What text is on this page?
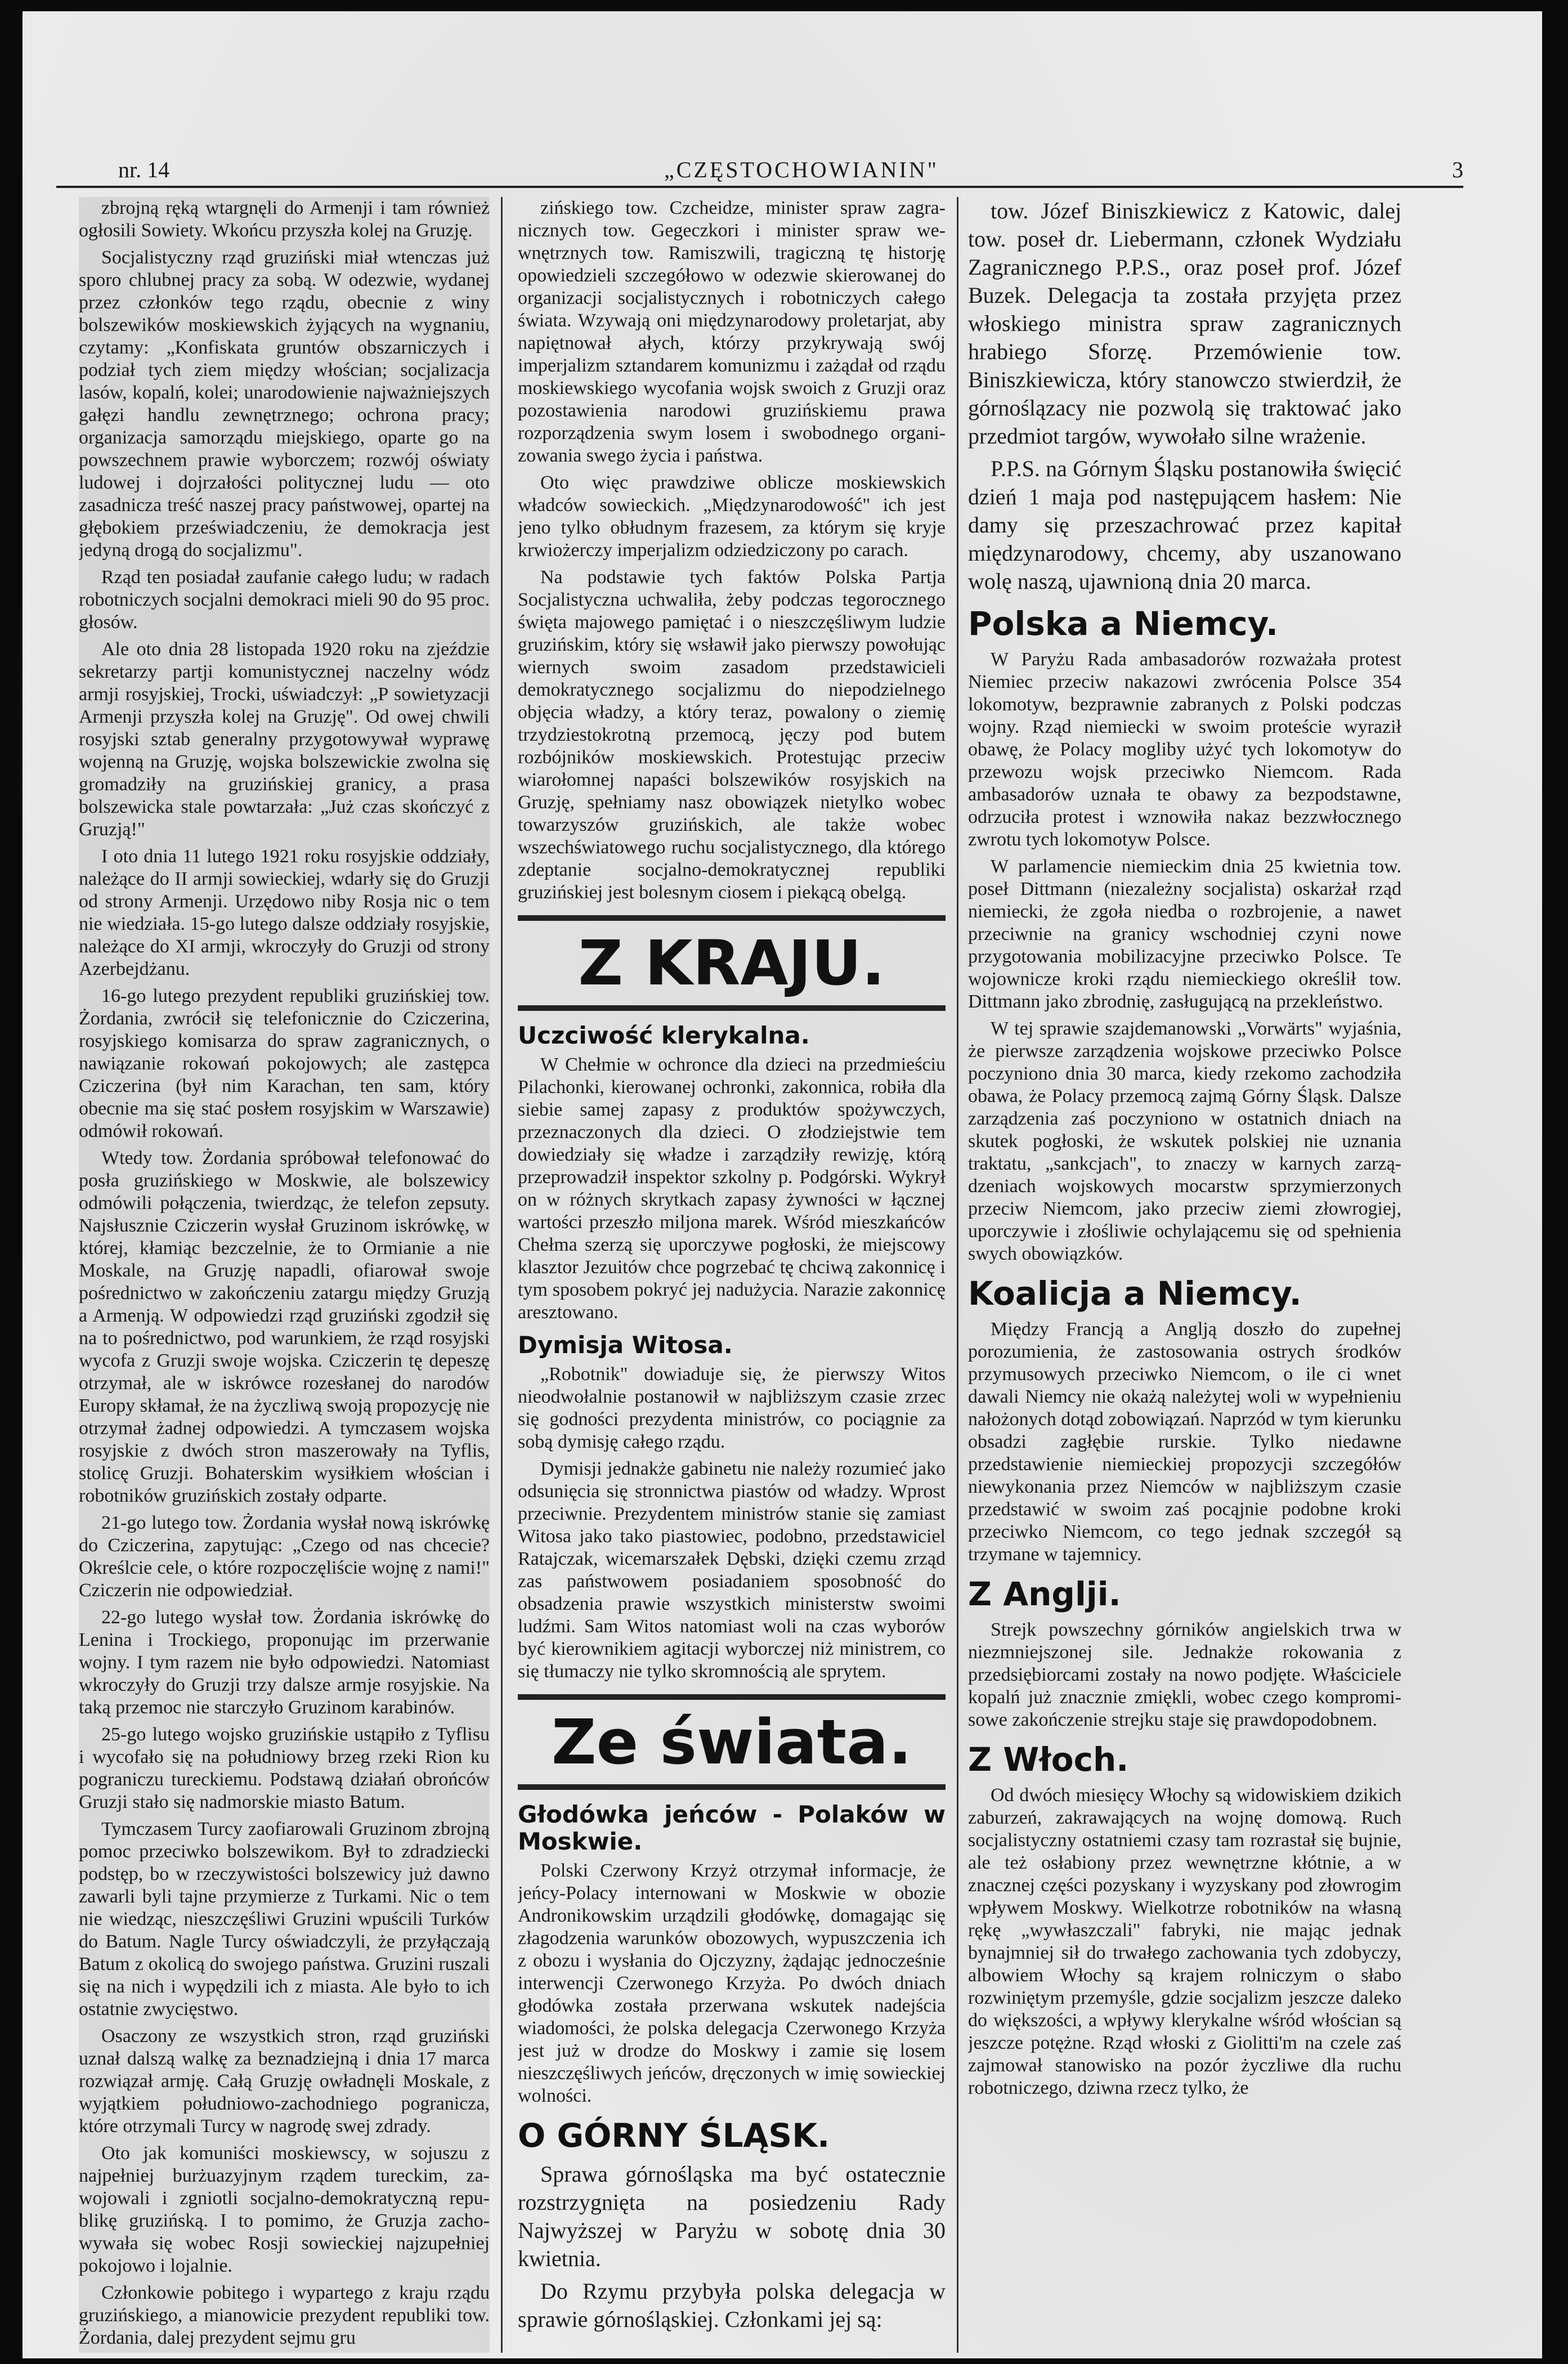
nr. 14	„CZĘSTOCHOWIANIN"	3

zbrojną ręką wtargnęli do Armenji i tam również ogłosili Sowiety. Wkońcu przyszła kolej na Gruzję.

Socjalistyczny rząd gruziński miał wtenczas już sporo chlubnej pracy za sobą. W odezwie, wydanej przez członków tego rządu, obecnie z winy bolszewików moskiewskich żyjących na wygnaniu, czytamy: „Konfiskata gruntów obszarniczych i podział tych ziem między włościan; socjalizacja lasów, kopalń, kolei; unarodowienie najważniejszych gałęzi handlu zewnętrznego; ochrona pracy; organizacja samorządu miejskiego, oparte go na powszechnem prawie wyborczem; rozwój oświaty ludowej i dojrzałości politycznej ludu — oto zasadnicza treść naszej pracy państwowej, opartej na głębokiem przeświadczeniu, że demokracja jest jedyną drogą do socjalizmu".

Rząd ten posiadał zaufanie całego ludu; w radach robotniczych socjalni demokraci mieli 90 do 95 proc. głosów.

Ale oto dnia 28 listopada 1920 roku na zjeździe sekretarzy partji komunistycznej naczelny wódz armji rosyjskiej, Trocki, uświadczył: „P sowietyzacji Armenji przyszła kolej na Gruzję". Od owej chwili rosyjski sztab generalny przygotowywał wyprawę wojenną na Gruzję, wojska bolszewickie zwolna się gromadziły na gruzińskiej granicy, a prasa bolszewicka stale powtarzała: „Już czas skończyć z Gruzją!"

I oto dnia 11 lutego 1921 roku rosyjskie oddziały, należące do II armji sowieckiej, wdarły się do Gruzji od strony Armenji. Urzędowo niby Rosja nic o tem nie wiedziała. 15-go lutego dalsze oddziały rosyjskie, należące do XI armji, wkroczyły do Gruzji od strony Azerbejdżanu.

16-go lutego prezydent republiki gruzińskiej tow. Żordania, zwrócił się telefonicznie do Cziczerina, rosyjskiego komisarza do spraw zagranicznych, o nawiązanie rokowań pokojowych; ale zastępca Cziczerina (był nim Karachan, ten sam, który obecnie ma się stać posłem rosyjskim w Warszawie) odmówił rokowań.

Wtedy tow. Żordania spróbował telefonować do posła gruzińskiego w Moskwie, ale bolszewicy odmówili połączenia, twierdząc, że telefon zepsuty. Najsłusznie Cziczerin wysłał Gruzinom iskrówkę, w której, kłamiąc bezczelnie, że to Ormianie a nie Moskale, na Gruzję napadli, ofiarował swoje pośrednictwo w zakończeniu zatargu między Gruzją a Armenją. W odpowiedzi rząd gruziński zgodził się na to pośrednictwo, pod warunkiem, że rząd rosyjski wycofa z Gruzji swoje wojska. Cziczerin tę depeszę otrzymał, ale w iskrówce rozesłanej do narodów Europy skłamał, że na życzliwą swoją propozycję nie otrzymał żadnej odpowiedzi. A tymczasem wojska rosyjskie z dwóch stron maszerowały na Tyflis, stolicę Gruzji. Bohaterskim wysiłkiem włościan i robotników gruzińskich zostały odparte.

21-go lutego tow. Żordania wysłał nową iskrówkę do Cziczerina, zapytując: „Czego od nas chcecie? Określcie cele, o które rozpoczęliście wojnę z nami!" Cziczerin nie odpowiedział.

22-go lutego wysłał tow. Żordania iskrówkę do Lenina i Trockiego, proponując im przerwanie wojny. I tym razem nie było odpowiedzi. Natomiast wkroczyły do Gruzji trzy dalsze armje rosyjskie. Na taką przemoc nie starczyło Gruzinom karabinów.

25-go lutego wojsko gruzińskie ustąpiło z Tyflisu i wycofało się na południowy brzeg rzeki Rion ku pograniczu tureckiemu. Podstawą działań obrońców Gruzji stało się nadmorskie miasto Batum.

Tymczasem Turcy zaofiarowali Gruzinom zbrojną pomoc przeciwko bolszewikom. Był to zdradziecki podstęp, bo w rzeczywistości bolszewicy już dawno zawarli byli tajne przymierze z Turkami. Nic o tem nie wiedząc, nieszczęśliwi Gruzini wpuścili Turków do Batum. Nagle Turcy oświadczyli, że przyłączają Batum z okolicą do swojego państwa. Gruzini ruszali się na nich i wypędzili ich z miasta. Ale było to ich ostatnie zwycięstwo.

Osaczony ze wszystkich stron, rząd gruziński uznał dalszą walkę za beznadziejną i dnia 17 marca rozwiązał armję. Całą Gruzję owładnęli Moskale, z wyjątkiem południowo-zachodniego pogranicza, które otrzymali Turcy w nagrodę swej zdrady.

Oto jak komuniści moskiewscy, w sojuszu z najpełniej burżuazyjnym rządem tureckim, zawojowali i zgniotli socjalno-demokratyczną republikę gruzińską. I to pomimo, że Gruzja zachowywała się wobec Rosji sowieckiej najzupełniej pokojowo i lojalnie.

Członkowie pobitego i wypartego z kraju rządu gruzińskiego, a mianowicie prezydent republiki tow. Żordania, dalej prezydent sejmu gru

zińskiego tow. Czcheidze, minister spraw zagranicznych tow. Gegeczkori i minister spraw wewnętrznych tow. Ramiszwili, tragiczną tę historję opowiedzieli szczegółowo w odezwie skierowanej do organizacji socjalistycznych i robotniczych całego świata. Wzywają oni międzynarodowy proletarjat, aby napiętnował ałych, którzy przykrywają swój imperjalizm sztandarem komunizmu i zażądał od rządu moskiewskiego wycofania wojsk swoich z Gruzji oraz pozostawienia narodowi gruzińskiemu prawa rozporządzenia swym losem i swobodnego organizowania swego życia i państwa.

Oto więc prawdziwe oblicze moskiewskich władców sowieckich. „Międzynarodowość" ich jest jeno tylko obłudnym frazesem, za którym się kryje krwiożerczy imperjalizm odziedziczony po carach.

Na podstawie tych faktów Polska Partja Socjalistyczna uchwaliła, żeby podczas tegorocznego święta majowego pamiętać i o nieszczęśliwym ludzie gruzińskim, który się wsławił jako pierwszy powołując wiernych swoim zasadom przedstawicieli demokratycznego socjalizmu do niepodzielnego objęcia władzy, a który teraz, powalony o ziemię trzydziestokrotną przemocą, jęczy pod butem rozbójników moskiewskich. Protestując przeciw wiarołomnej napaści bolszewików rosyjskich na Gruzję, spełniamy nasz obowiązek nietylko wobec towarzyszów gruzińskich, ale także wobec wszechświatowego ruchu socjalistycznego, dla którego zdeptanie socjalno-demokratycznej republiki gruzińskiej jest bolesnym ciosem i piekącą obelgą.

Z KRAJU.
Uczciwość klerykalna.

W Chełmie w ochronce dla dzieci na przedmieściu Pilachonki, kierowanej ochronki, zakonnica, robiła dla siebie samej zapasy z produktów spożywczych, przeznaczonych dla dzieci. O złodziejstwie tem dowiedziały się władze i zarządziły rewizję, którą przeprowadził inspektor szkolny p. Podgórski. Wykrył on w różnych skrytkach zapasy żywności w łącznej wartości przeszło miljona marek. Wśród mieszkańców Chełma szerzą się uporczywe pogłoski, że miejscowy klasztor Jezuitów chce pogrzebać tę chciwą zakonnicę i tym sposobem pokryć jej nadużycia. Narazie zakonnicę aresztowano.

Dymisja Witosa.

„Robotnik" dowiaduje się, że pierwszy Witos nieodwołalnie postanowił w najbliższym czasie zrzec się godności prezydenta ministrów, co pociągnie za sobą dymisję całego rządu.

Dymisji jednakże gabinetu nie należy rozumieć jako odsunięcia się stronnictwa piastów od władzy. Wprost przeciwnie. Prezydentem ministrów stanie się zamiast Witosa jako tako piastowiec, podobno, przedstawiciel Ratajczak, wicemarszałek Dębski, dzięki czemu zrząd zas państwowem posiadaniem sposobność do obsadzenia prawie wszystkich ministerstw swoimi ludźmi. Sam Witos natomiast woli na czas wyborów być kierownikiem agitacji wyborczej niż ministrem, co się tłumaczy nie tylko skromnością ale sprytem.

Ze świata.
Głodówka jeńców - Polaków w Moskwie.

Polski Czerwony Krzyż otrzymał informacje, że jeńcy-Polacy internowani w Moskwie w obozie Andronikowskim urządzili głodówkę, domagając się złagodzenia warunków obozowych, wypuszczenia ich z obozu i wysłania do Ojczyzny, żądając jednocześnie interwencji Czerwonego Krzyża. Po dwóch dniach głodówka została przerwana wskutek nadejścia wiadomości, że polska delegacja Czerwonego Krzyża jest już w drodze do Moskwy i zamie się losem nieszczęśliwych jeńców, dręczonych w imię sowieckiej wolności.

O GÓRNY ŚLĄSK.

Sprawa górnośląska ma być ostatecznie rozstrzygnięta na posiedzeniu Rady Najwyższej w Paryżu w sobotę dnia 30 kwietnia.

Do Rzymu przybyła polska delegacja w sprawie górnośląskiej. Członkami jej są:

tow. Józef Biniszkiewicz z Katowic, dalej tow. poseł dr. Liebermann, członek Wydziału Zagranicznego P.P.S., oraz poseł prof. Józef Buzek. Delegacja ta została przyjęta przez włoskiego ministra spraw zagranicznych hrabiego Sforzę. Przemówienie tow. Biniszkiewicza, który stanowczo stwierdził, że górnoślązacy nie pozwolą się traktować jako przedmiot targów, wywołało silne wrażenie.

P.P.S. na Górnym Śląsku postanowiła święcić dzień 1 maja pod następującem hasłem: Nie damy się przeszachrować przez kapitał międzynarodowy, chcemy, aby uszanowano wolę naszą, ujawnioną dnia 20 marca.

Polska a Niemcy.

W Paryżu Rada ambasadorów rozważała protest Niemiec przeciw nakazowi zwrócenia Polsce 354 lokomotyw, bezprawnie zabranych z Polski podczas wojny. Rząd niemiecki w swoim proteście wyraził obawę, że Polacy mogliby użyć tych lokomotyw do przewozu wojsk przeciwko Niemcom. Rada ambasadorów uznała te obawy za bezpodstawne, odrzuciła protest i wznowiła nakaz bezzwłocznego zwrotu tych lokomotyw Polsce.

W parlamencie niemieckim dnia 25 kwietnia tow. poseł Dittmann (niezależny socjalista) oskarżał rząd niemiecki, że zgoła niedba o rozbrojenie, a nawet przeciwnie na granicy wschodniej czyni nowe przygotowania mobilizacyjne przeciwko Polsce. Te wojownicze kroki rządu niemieckiego określił tow. Dittmann jako zbrodnię, zasługującą na przekleństwo.

W tej sprawie szajdemanowski „Vorwärts" wyjaśnia, że pierwsze zarządzenia wojskowe przeciwko Polsce poczyniono dnia 30 marca, kiedy rzekomo zachodziła obawa, że Polacy przemocą zajmą Górny Śląsk. Dalsze zarządzenia zaś poczyniono w ostatnich dniach na skutek pogłoski, że wskutek polskiej nie uznania traktatu, „sankcjach", to znaczy w karnych zarządzeniach wojskowych mocarstw sprzymierzonych przeciw Niemcom, jako przeciw ziemi złowrogiej, uporczywie i złośliwie ochylającemu się od spełnienia swych obowiązków.

Koalicja a Niemcy.

Między Francją a Anglją doszło do zupełnej porozumienia, że zastosowania ostrych środków przymusowych przeciwko Niemcom, o ile ci wnet dawali Niemcy nie okażą należytej woli w wypełnieniu nałożonych dotąd zobowiązań. Naprzód w tym kierunku obsadzi zagłębie rurskie. Tylko niedawne przedstawienie niemieckiej propozycji szczegółów niewykonania przez Niemców w najbliższym czasie przedstawić w swoim zaś pocąjnie podobne kroki przeciwko Niemcom, co tego jednak szczegół są trzymane w tajemnicy.

Z Anglji.

Strejk powszechny górników angielskich trwa w niezmniejszonej sile. Jednakże rokowania z przedsiębiorcami zostały na nowo podjęte. Właściciele kopalń już znacznie zmiękli, wobec czego kompromisowe zakończenie strejku staje się prawdopodobnem.

Z Włoch.

Od dwóch miesięcy Włochy są widowiskiem dzikich zaburzeń, zakrawających na wojnę domową. Ruch socjalistyczny ostatniemi czasy tam rozrastał się bujnie, ale też osłabiony przez wewnętrzne kłótnie, a w znacznej części pozyskany i wyzyskany pod złowrogim wpływem Moskwy. Wielkotrze robotników na własną rękę „wywłaszczali" fabryki, nie mając jednak bynajmniej sił do trwałego zachowania tych zdobyczy, albowiem Włochy są krajem rolniczym o słabo rozwiniętym przemyśle, gdzie socjalizm jeszcze daleko do większości, a wpływy klerykalne wśród włościan są jeszcze potężne. Rząd włoski z Giolitti'm na czele zaś zajmował stanowisko na pozór życzliwe dla ruchu robotniczego, dziwna rzecz tylko, że
